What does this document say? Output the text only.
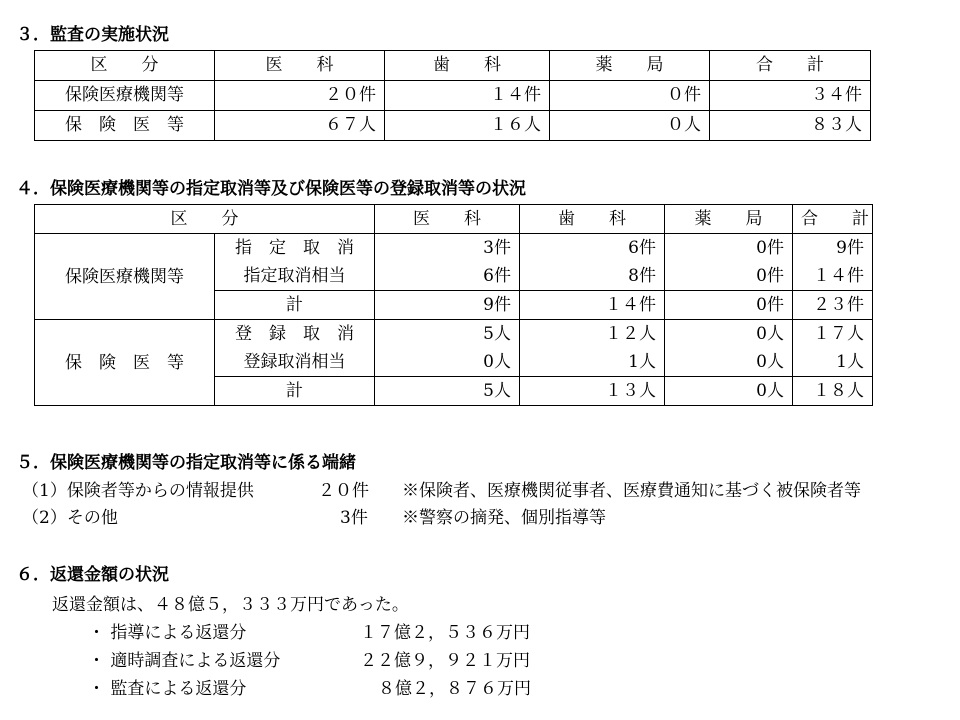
３．監査の実施状況
区　　分	医　　科	歯　　科	薬　　局	合　　計
保険医療機関等	２０件	１４件	０件	３４件
保　険　医　等	６７人	１６人	０人	８３人
４．保険医療機関等の指定取消等及び保険医等の登録取消等の状況
区　　分		医　　科	歯　　科	薬　　局	合　　計
保険医療機関等	指　定　取　消	3件	6件	0件	9件
	指定取消相当	6件	8件	0件	１４件
	計	9件	１４件	0件	２３件
保　険　医　等	登　録　取　消	5人	１２人	0人	１７人
	登録取消相当	0人	1人	0人	1人
	計	5人	１３人	0人	１８人
５．保険医療機関等の指定取消等に係る端緒
（1）保険者等からの情報提供	２０件 ※保険者、医療機関従事者、医療費通知に基づく被保険者等
（2）その他	3件 ※警察の摘発、個別指導等
６．返還金額の状況
返還金額は、４８億５，３３３万円であった。
・ 指導による返還分	１７億２，５３６万円
・ 適時調査による返還分	２２億９，９２１万円
・ 監査による返還分	８億２，８７６万円
